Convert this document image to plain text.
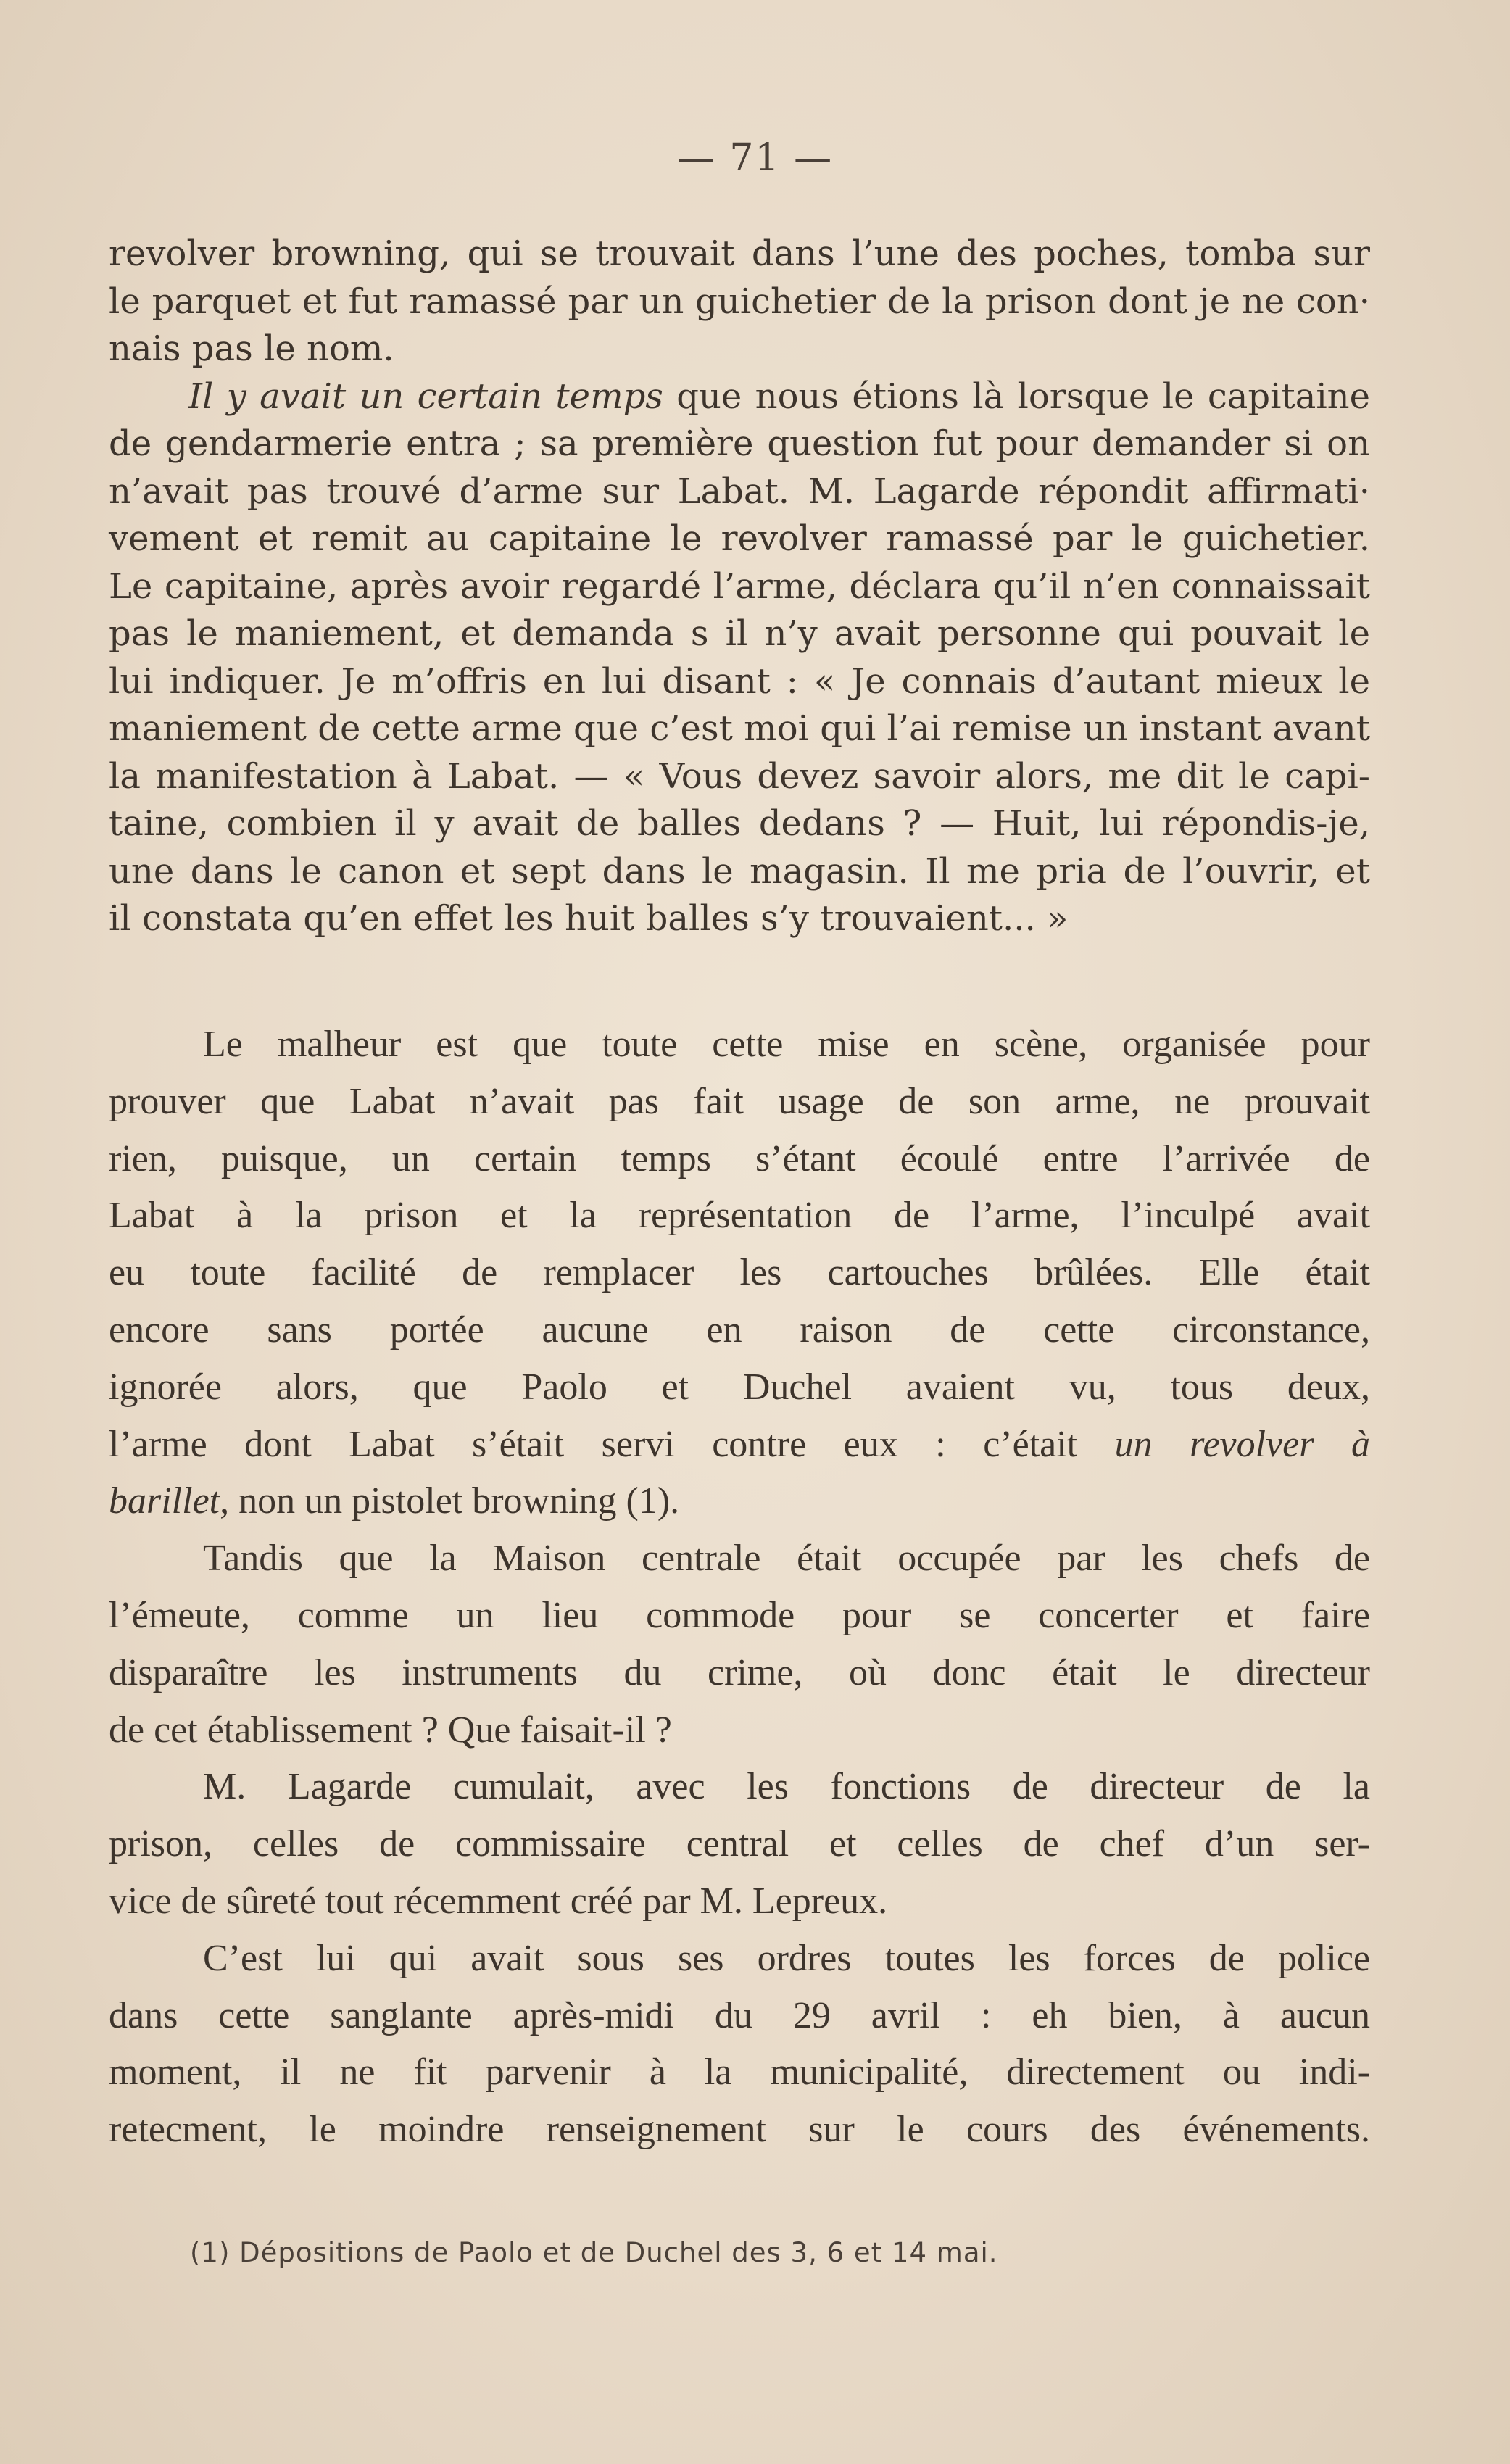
— 71 —
revolver browning, qui se trouvait dans l’une des poches, tomba sur
le parquet et fut ramassé par un guichetier de la prison dont je ne con·
nais pas le nom.
Il y avait un certain temps que nous étions là lorsque le capitaine
de gendarmerie entra ; sa première question fut pour demander si on
n’avait pas trouvé d’arme sur Labat. M. Lagarde répondit affirmati·
vement et remit au capitaine le revolver ramassé par le guichetier.
Le capitaine, après avoir regardé l’arme, déclara qu’il n’en connaissait
pas le maniement, et demanda s il n’y avait personne qui pouvait le
lui indiquer. Je m’offris en lui disant : « Je connais d’autant mieux le
maniement de cette arme que c’est moi qui l’ai remise un instant avant
la manifestation à Labat. — « Vous devez savoir alors, me dit le capi-
taine, combien il y avait de balles dedans ? — Huit, lui répondis-je,
une dans le canon et sept dans le magasin. Il me pria de l’ouvrir, et
il constata qu’en effet les huit balles s’y trouvaient... »
Le malheur est que toute cette mise en scène, organisée pour
prouver que Labat n’avait pas fait usage de son arme, ne prouvait
rien, puisque, un certain temps s’étant écoulé entre l’arrivée de
Labat à la prison et la représentation de l’arme, l’inculpé avait
eu toute facilité de remplacer les cartouches brûlées. Elle était
encore sans portée aucune en raison de cette circonstance,
ignorée alors, que Paolo et Duchel avaient vu, tous deux,
l’arme dont Labat s’était servi contre eux : c’était un revolver à
barillet, non un pistolet browning (1).
Tandis que la Maison centrale était occupée par les chefs de
l’émeute, comme un lieu commode pour se concerter et faire
disparaître les instruments du crime, où donc était le directeur
de cet établissement ? Que faisait-il ?
M. Lagarde cumulait, avec les fonctions de directeur de la
prison, celles de commissaire central et celles de chef d’un ser-
vice de sûreté tout récemment créé par M. Lepreux.
C’est lui qui avait sous ses ordres toutes les forces de police
dans cette sanglante après-midi du 29 avril : eh bien, à aucun
moment, il ne fit parvenir à la municipalité, directement ou indi-
retecment, le moindre renseignement sur le cours des événements.
(1) Dépositions de Paolo et de Duchel des 3, 6 et 14 mai.
